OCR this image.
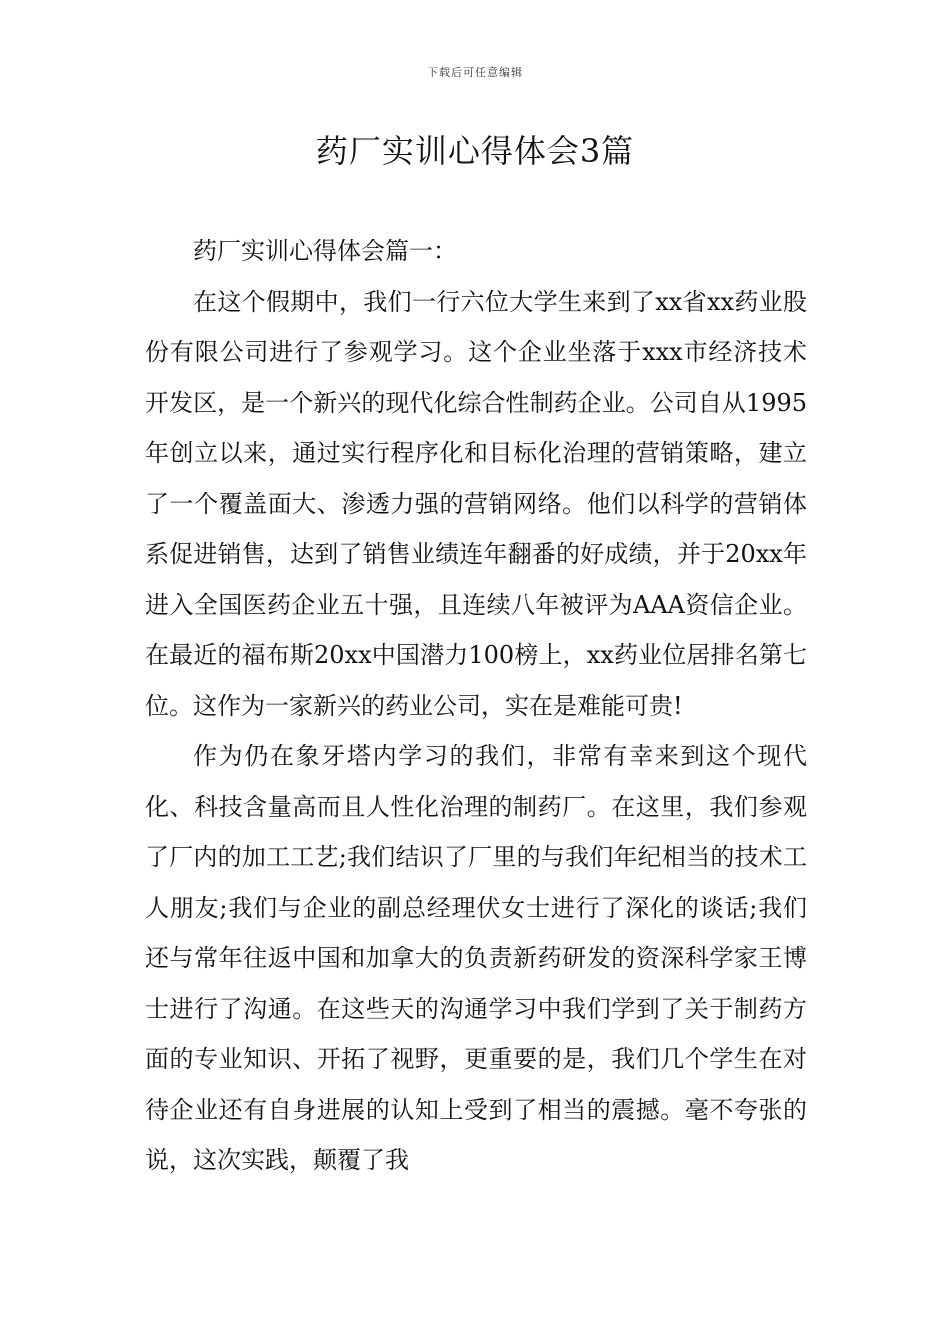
下载后可任意编辑
药厂实训心得体会3篇

药厂实训心得体会篇一：

在这个假期中，我们一行六位大学生来到了xx省xx药业股份有限公司进行了参观学习。这个企业坐落于xxx市经济技术开发区，是一个新兴的现代化综合性制药企业。公司自从1995年创立以来，通过实行程序化和目标化治理的营销策略，建立了一个覆盖面大、渗透力强的营销网络。他们以科学的营销体系促进销售，达到了销售业绩连年翻番的好成绩，并于20xx年进入全国医药企业五十强，且连续八年被评为AAA资信企业。在最近的福布斯20xx中国潜力100榜上，xx药业位居排名第七位。这作为一家新兴的药业公司，实在是难能可贵!

作为仍在象牙塔内学习的我们，非常有幸来到这个现代化、科技含量高而且人性化治理的制药厂。在这里，我们参观了厂内的加工工艺;我们结识了厂里的与我们年纪相当的技术工人朋友;我们与企业的副总经理伏女士进行了深化的谈话;我们还与常年往返中国和加拿大的负责新药研发的资深科学家王博士进行了沟通。在这些天的沟通学习中我们学到了关于制药方面的专业知识、开拓了视野，更重要的是，我们几个学生在对待企业还有自身进展的认知上受到了相当的震撼。毫不夸张的说，这次实践，颠覆了我
